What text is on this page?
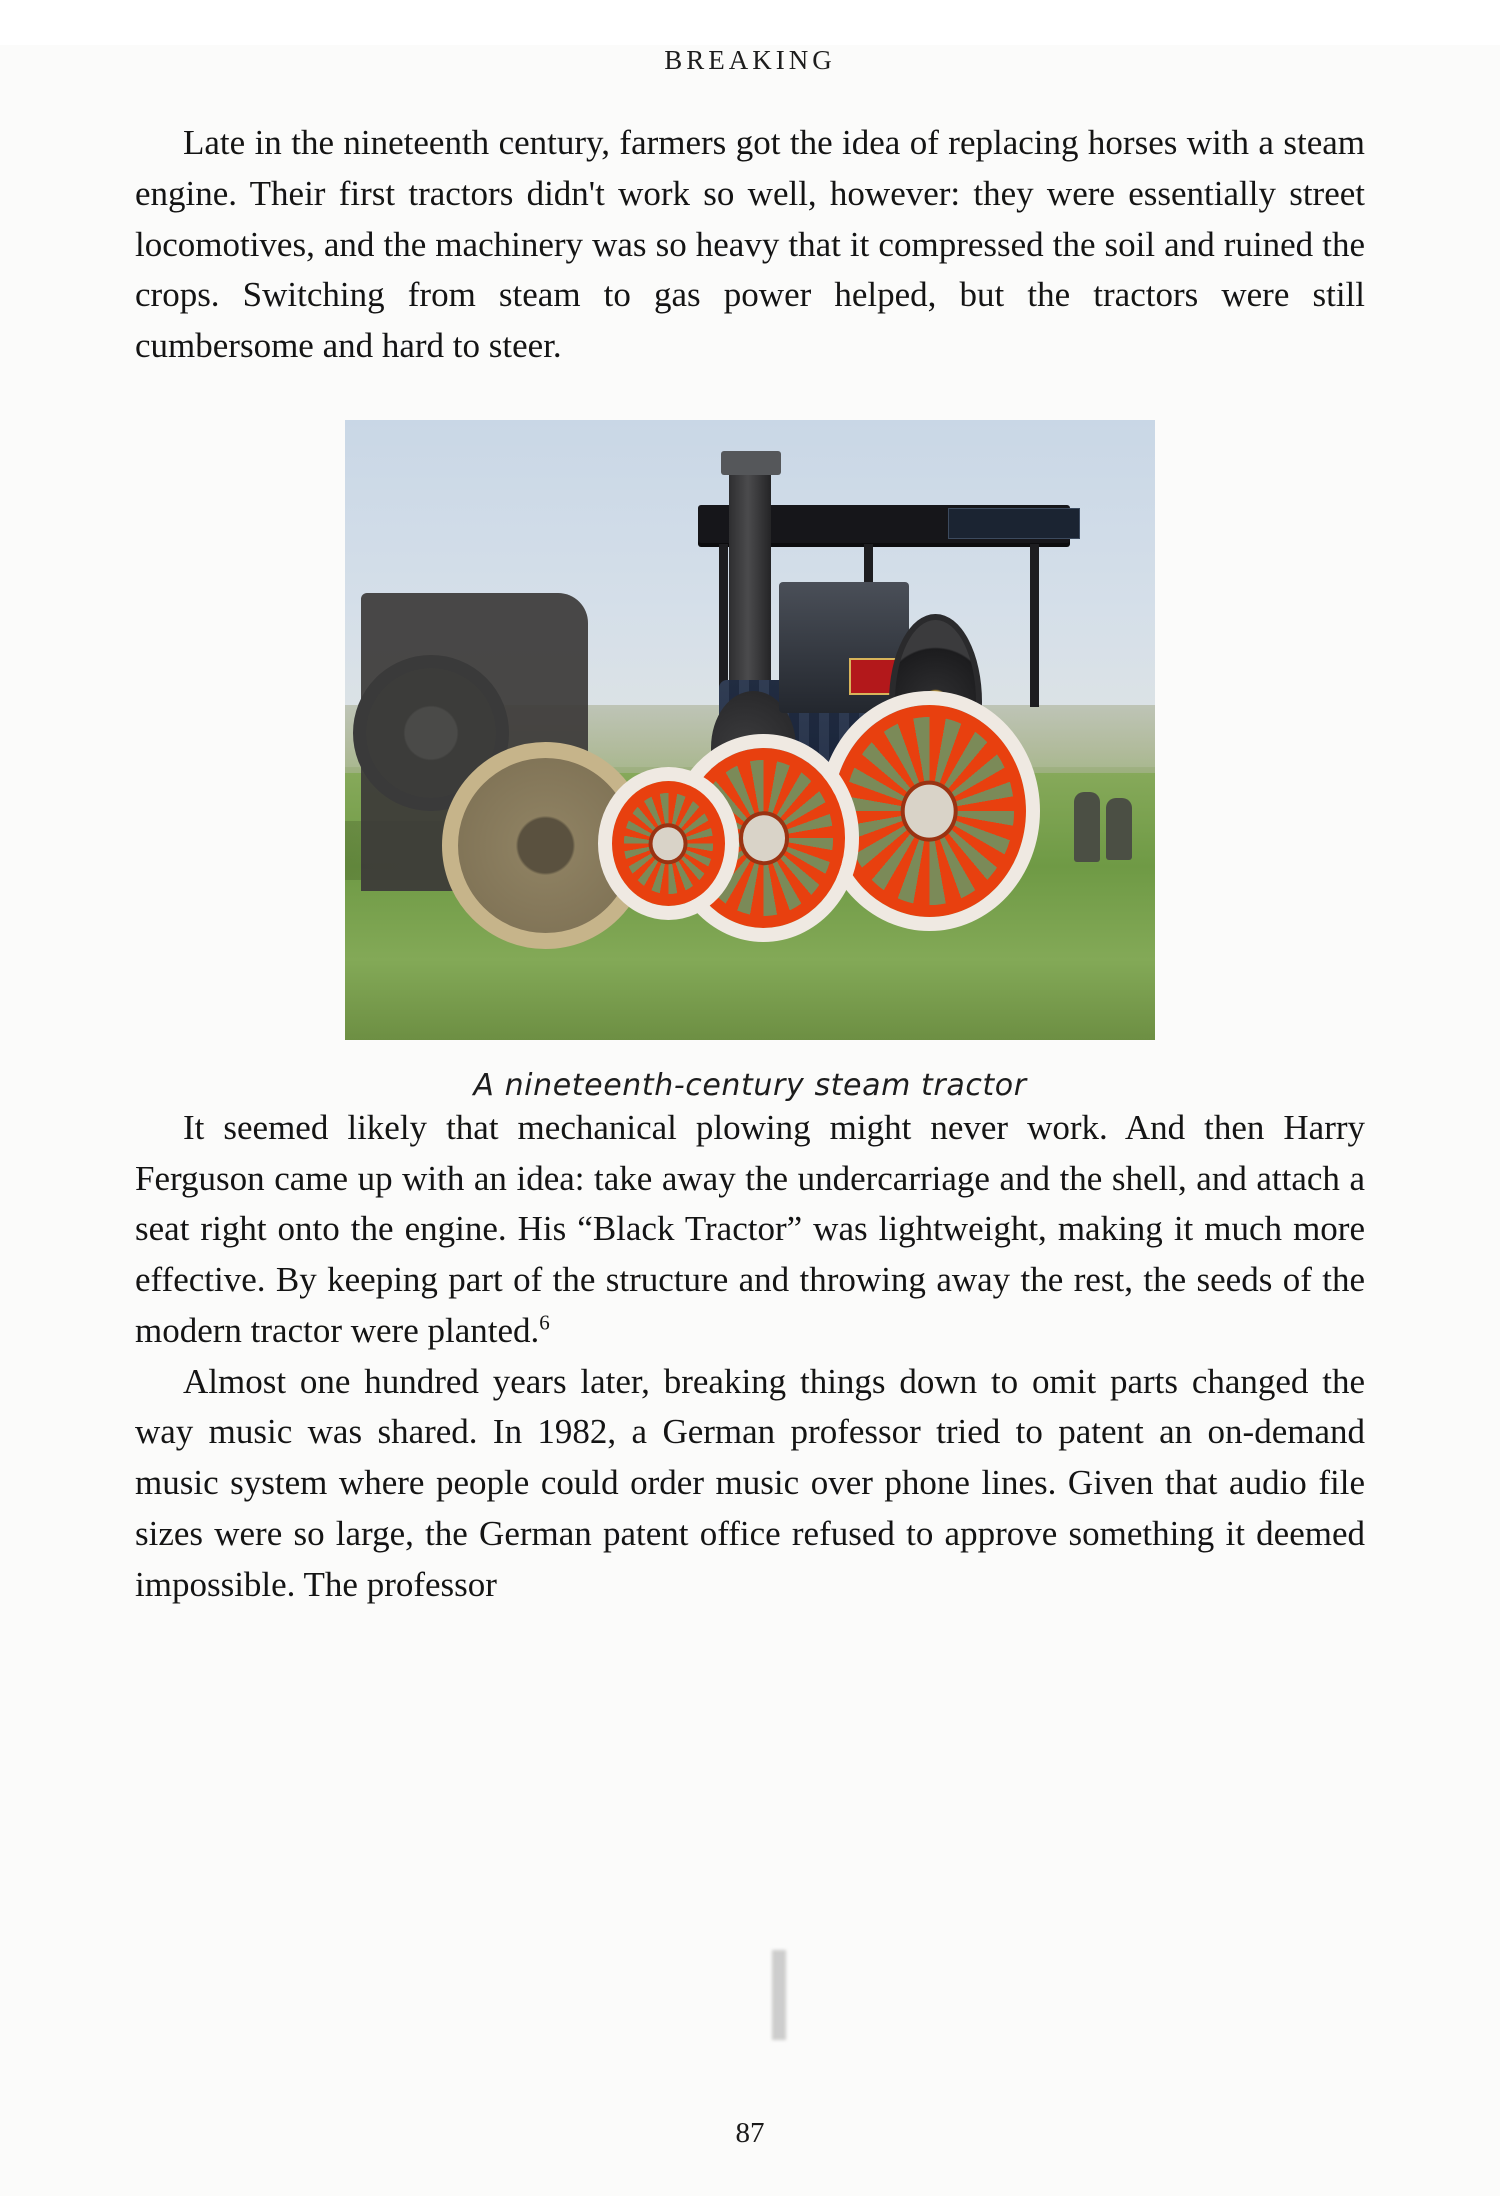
BREAKING

Late in the nineteenth century, farmers got the idea of replacing horses with a steam engine. Their first tractors didn't work so well, however: they were essentially street locomotives, and the machinery was so heavy that it compressed the soil and ruined the crops. Switching from steam to gas power helped, but the tractors were still cumbersome and hard to steer.

A nineteenth-century steam tractor

It seemed likely that mechanical plowing might never work. And then Harry Ferguson came up with an idea: take away the undercarriage and the shell, and attach a seat right onto the engine. His “Black Tractor” was lightweight, making it much more effective. By keeping part of the structure and throwing away the rest, the seeds of the modern tractor were planted.$^6$

Almost one hundred years later, breaking things down to omit parts changed the way music was shared. In 1982, a German professor tried to patent an on-demand music system where people could order music over phone lines. Given that audio file sizes were so large, the German patent office refused to approve something it deemed impossible. The professor

87
